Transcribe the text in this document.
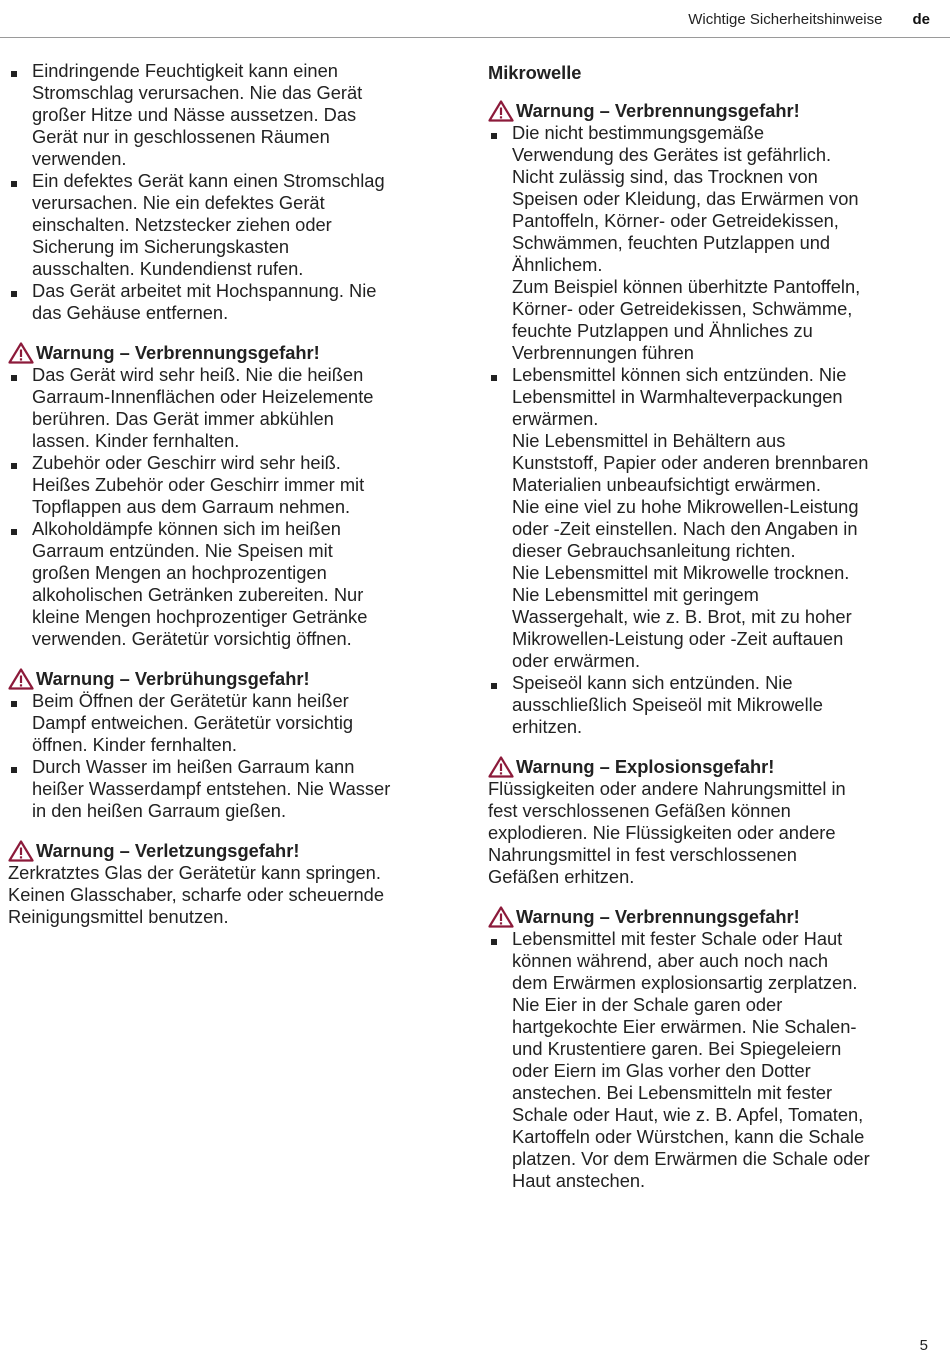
Wichtige Sicherheitshinweise de
Eindringende Feuchtigkeit kann einen
Stromschlag verursachen. Nie das Gerät
großer Hitze und Nässe aussetzen. Das
Gerät nur in geschlossenen Räumen
verwenden.
Ein defektes Gerät kann einen Stromschlag
verursachen. Nie ein defektes Gerät
einschalten. Netzstecker ziehen oder
Sicherung im Sicherungskasten
ausschalten. Kundendienst rufen.
Das Gerät arbeitet mit Hochspannung. Nie
das Gehäuse entfernen.
Warnung – Verbrennungsgefahr!
Das Gerät wird sehr heiß. Nie die heißen
Garraum-Innenflächen oder Heizelemente
berühren. Das Gerät immer abkühlen
lassen. Kinder fernhalten.
Zubehör oder Geschirr wird sehr heiß.
Heißes Zubehör oder Geschirr immer mit
Topflappen aus dem Garraum nehmen.
Alkoholdämpfe können sich im heißen
Garraum entzünden. Nie Speisen mit
großen Mengen an hochprozentigen
alkoholischen Getränken zubereiten. Nur
kleine Mengen hochprozentiger Getränke
verwenden. Gerätetür vorsichtig öffnen.
Warnung – Verbrühungsgefahr!
Beim Öffnen der Gerätetür kann heißer
Dampf entweichen. Gerätetür vorsichtig
öffnen. Kinder fernhalten.
Durch Wasser im heißen Garraum kann
heißer Wasserdampf entstehen. Nie Wasser
in den heißen Garraum gießen.
Warnung – Verletzungsgefahr!
Zerkratztes Glas der Gerätetür kann springen.
Keinen Glasschaber, scharfe oder scheuernde
Reinigungsmittel benutzen.
Mikrowelle
Warnung – Verbrennungsgefahr!
Die nicht bestimmungsgemäße
Verwendung des Gerätes ist gefährlich.
Nicht zulässig sind, das Trocknen von
Speisen oder Kleidung, das Erwärmen von
Pantoffeln, Körner- oder Getreidekissen,
Schwämmen, feuchten Putzlappen und
Ähnlichem.
Zum Beispiel können überhitzte Pantoffeln,
Körner- oder Getreidekissen, Schwämme,
feuchte Putzlappen und Ähnliches zu
Verbrennungen führen
Lebensmittel können sich entzünden. Nie
Lebensmittel in Warmhalteverpackungen
erwärmen.
Nie Lebensmittel in Behältern aus
Kunststoff, Papier oder anderen brennbaren
Materialien unbeaufsichtigt erwärmen.
Nie eine viel zu hohe Mikrowellen-Leistung
oder -Zeit einstellen. Nach den Angaben in
dieser Gebrauchsanleitung richten.
Nie Lebensmittel mit Mikrowelle trocknen.
Nie Lebensmittel mit geringem
Wassergehalt, wie z. B. Brot, mit zu hoher
Mikrowellen-Leistung oder -Zeit auftauen
oder erwärmen.
Speiseöl kann sich entzünden. Nie
ausschließlich Speiseöl mit Mikrowelle
erhitzen.
Warnung – Explosionsgefahr!
Flüssigkeiten oder andere Nahrungsmittel in
fest verschlossenen Gefäßen können
explodieren. Nie Flüssigkeiten oder andere
Nahrungsmittel in fest verschlossenen
Gefäßen erhitzen.
Warnung – Verbrennungsgefahr!
Lebensmittel mit fester Schale oder Haut
können während, aber auch noch nach
dem Erwärmen explosionsartig zerplatzen.
Nie Eier in der Schale garen oder
hartgekochte Eier erwärmen. Nie Schalen-
und Krustentiere garen. Bei Spiegeleiern
oder Eiern im Glas vorher den Dotter
anstechen. Bei Lebensmitteln mit fester
Schale oder Haut, wie z. B. Apfel, Tomaten,
Kartoffeln oder Würstchen, kann die Schale
platzen. Vor dem Erwärmen die Schale oder
Haut anstechen.
5
